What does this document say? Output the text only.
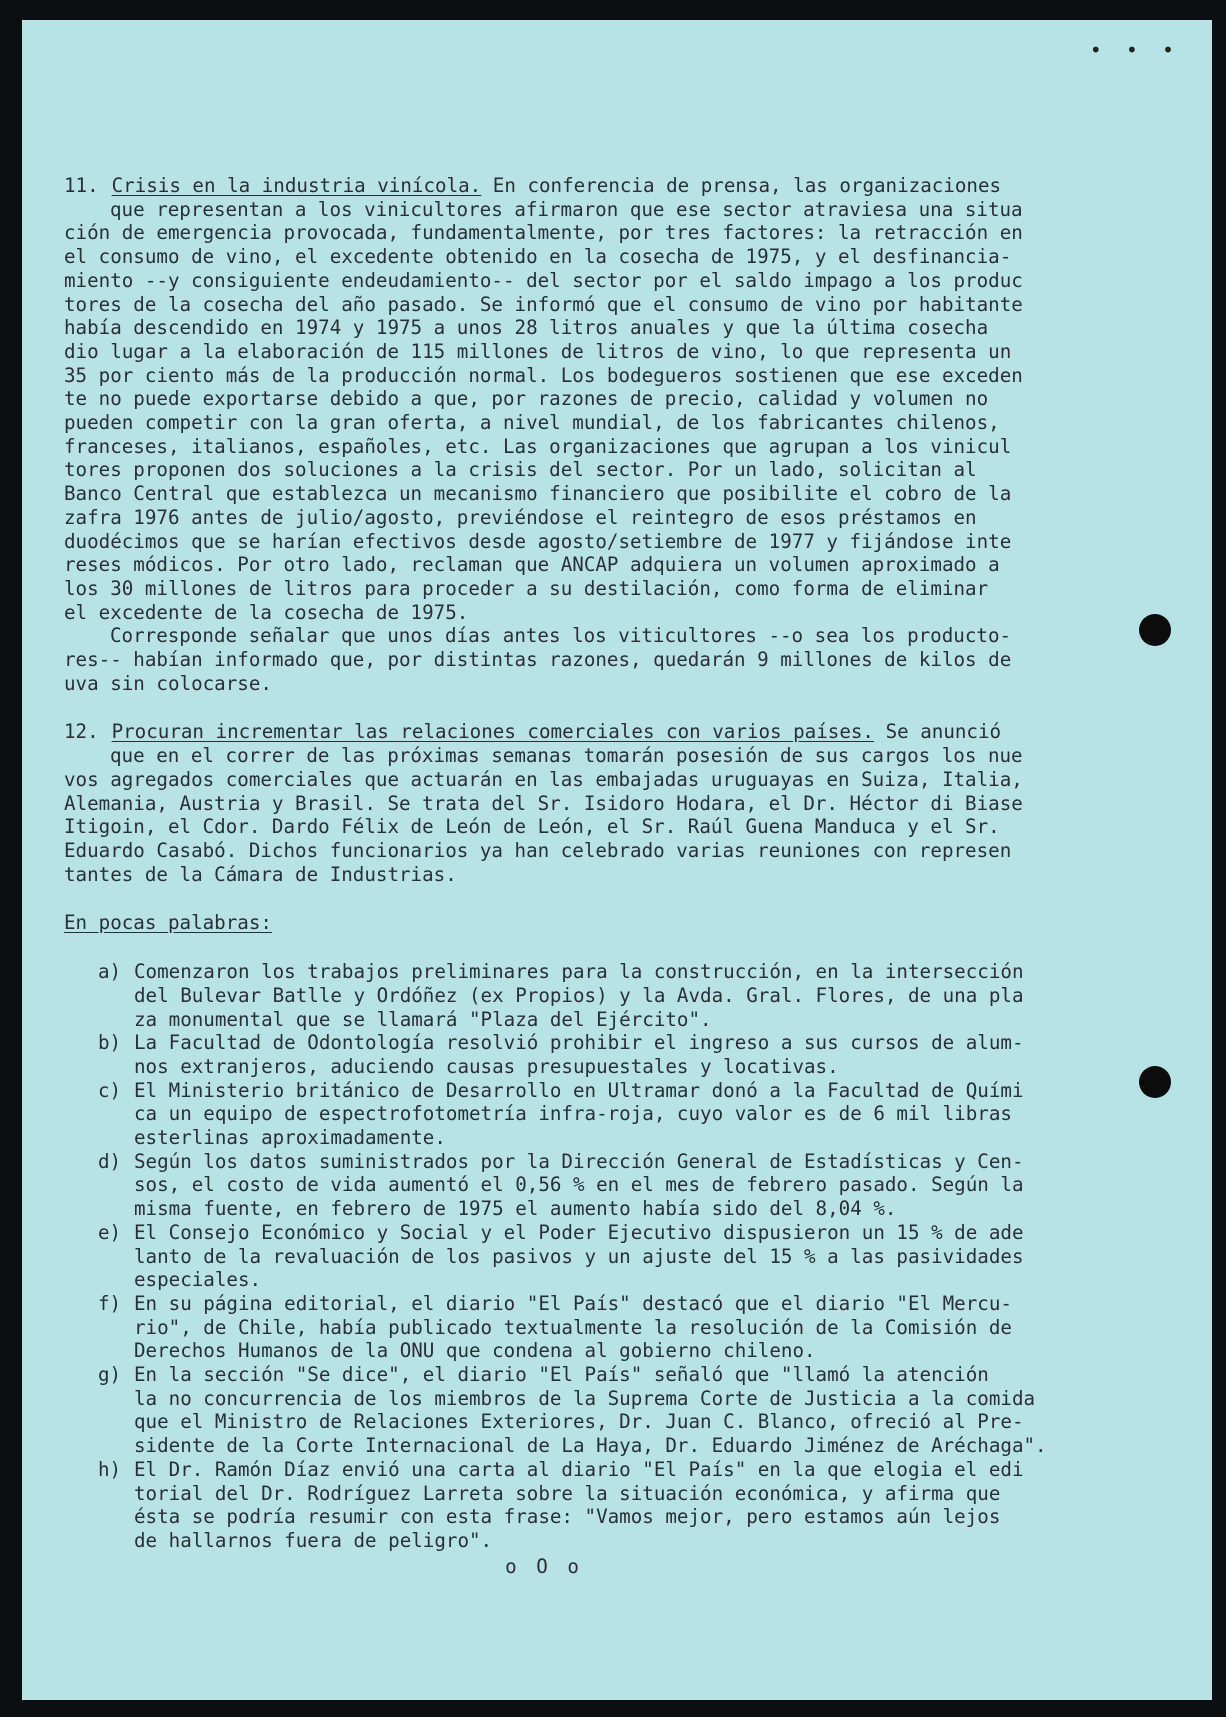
• • •

11. Crisis en la industria vinícola. En conferencia de prensa, las organizaciones

que representan a los vinicultores afirmaron que ese sector atraviesa una situa
ción de emergencia provocada, fundamentalmente, por tres factores: la retracción en
el consumo de vino, el excedente obtenido en la cosecha de 1975, y el desfinancia-
miento --y consiguiente endeudamiento-- del sector por el saldo impago a los produc
tores de la cosecha del año pasado. Se informó que el consumo de vino por habitante
había descendido en 1974 y 1975 a unos 28 litros anuales y que la última cosecha
dio lugar a la elaboración de 115 millones de litros de vino, lo que representa un
35 por ciento más de la producción normal. Los bodegueros sostienen que ese exceden
te no puede exportarse debido a que, por razones de precio, calidad y volumen no
pueden competir con la gran oferta, a nivel mundial, de los fabricantes chilenos,
franceses, italianos, españoles, etc. Las organizaciones que agrupan a los vinicul
tores proponen dos soluciones a la crisis del sector. Por un lado, solicitan al
Banco Central que establezca un mecanismo financiero que posibilite el cobro de la
zafra 1976 antes de julio/agosto, previéndose el reintegro de esos préstamos en
duodécimos que se harían efectivos desde agosto/setiembre de 1977 y fijándose inte
reses módicos. Por otro lado, reclaman que ANCAP adquiera un volumen aproximado a
los 30 millones de litros para proceder a su destilación, como forma de eliminar
el excedente de la cosecha de 1975.
Corresponde señalar que unos días antes los viticultores --o sea los producto-
res-- habían informado que, por distintas razones, quedarán 9 millones de kilos de
uva sin colocarse.

12. Procuran incrementar las relaciones comerciales con varios países. Se anunció

que en el correr de las próximas semanas tomarán posesión de sus cargos los nue
vos agregados comerciales que actuarán en las embajadas uruguayas en Suiza, Italia,
Alemania, Austria y Brasil. Se trata del Sr. Isidoro Hodara, el Dr. Héctor di Biase
Itigoin, el Cdor. Dardo Félix de León de León, el Sr. Raúl Guena Manduca y el Sr.
Eduardo Casabó. Dichos funcionarios ya han celebrado varias reuniones con represen
tantes de la Cámara de Industrias.

En pocas palabras:

a) Comenzaron los trabajos preliminares para la construcción, en la intersección
del Bulevar Batlle y Ordóñez (ex Propios) y la Avda. Gral. Flores, de una pla
za monumental que se llamará "Plaza del Ejército".
b) La Facultad de Odontología resolvió prohibir el ingreso a sus cursos de alum-
nos extranjeros, aduciendo causas presupuestales y locativas.
c) El Ministerio británico de Desarrollo en Ultramar donó a la Facultad de Quími
ca un equipo de espectrofotometría infra-roja, cuyo valor es de 6 mil libras
esterlinas aproximadamente.
d) Según los datos suministrados por la Dirección General de Estadísticas y Cen-
sos, el costo de vida aumentó el 0,56 % en el mes de febrero pasado. Según la
misma fuente, en febrero de 1975 el aumento había sido del 8,04 %.
e) El Consejo Económico y Social y el Poder Ejecutivo dispusieron un 15 % de ade
lanto de la revaluación de los pasivos y un ajuste del 15 % a las pasividades
especiales.
f) En su página editorial, el diario "El País" destacó que el diario "El Mercu-
rio", de Chile, había publicado textualmente la resolución de la Comisión de
Derechos Humanos de la ONU que condena al gobierno chileno.
g) En la sección "Se dice", el diario "El País" señaló que "llamó la atención
la no concurrencia de los miembros de la Suprema Corte de Justicia a la comida
que el Ministro de Relaciones Exteriores, Dr. Juan C. Blanco, ofreció al Pre-
sidente de la Corte Internacional de La Haya, Dr. Eduardo Jiménez de Aréchaga".
h) El Dr. Ramón Díaz envió una carta al diario "El País" en la que elogia el edi
torial del Dr. Rodríguez Larreta sobre la situación económica, y afirma que
ésta se podría resumir con esta frase: "Vamos mejor, pero estamos aún lejos
de hallarnos fuera de peligro".
o O o
